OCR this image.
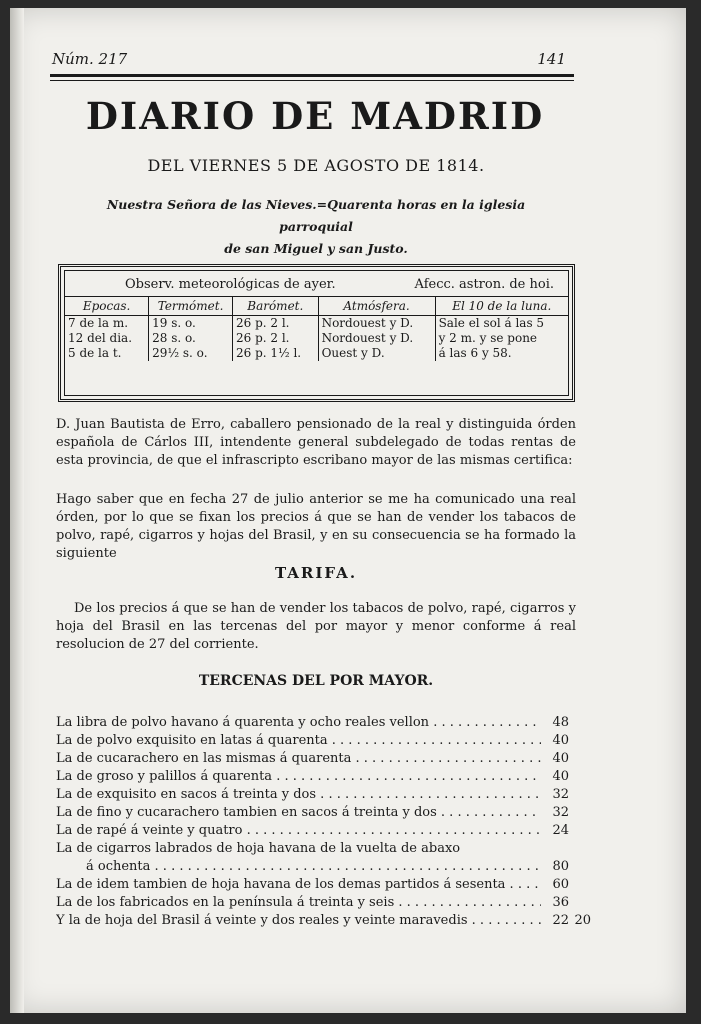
Núm. 217	141
DIARIO DE MADRID
DEL VIERNES 5 DE AGOSTO DE 1814.
Nuestra Señora de las Nieves.=Quarenta horas en la iglesia parroquial
de san Miguel y san Justo.
Observ. meteorológicas de ayer.	Afecc. astron. de hoi.
Epocas.	Termómet.	Barómet.	Atmósfera.	El 10 de la luna.
7 de la m.	19 s. o.	26 p. 2 l.	Nordouest y D.	Sale el sol á las 5
12 del dia.	28 s. o.	26 p. 2 l.	Nordouest y D.	y 2 m. y se pone
5 de la t.	29½ s. o.	26 p. 1½ l.	Ouest y D.	á las 6 y 58.
D. Juan Bautista de Erro, caballero pensionado de la real y distinguida órden española de Cárlos III, intendente general subdelegado de todas rentas de esta provincia, de que el infrascripto escribano mayor de las mismas certifica:
Hago saber que en fecha 27 de julio anterior se me ha comunicado una real órden, por lo que se fixan los precios á que se han de vender los tabacos de polvo, rapé, cigarros y hojas del Brasil, y en su consecuencia se ha formado la siguiente
TARIFA.
De los precios á que se han de vender los tabacos de polvo, rapé, cigarros y hoja del Brasil en las tercenas del por mayor y menor conforme á real resolucion de 27 del corriente.
TERCENAS DEL POR MAYOR.
La libra de polvo havano á quarenta y ocho reales vellon . . .	48
La de polvo exquisito en latas á quarenta . . .	40
La de cucarachero en las mismas á quarenta . . .	40
La de groso y palillos á quarenta . . .	40
La de exquisito en sacos á treinta y dos . . .	32
La de fino y cucarachero tambien en sacos á treinta y dos . . .	32
La de rapé á veinte y quatro . . .	24
La de cigarros labrados de hoja havana de la vuelta de abaxo
á ochenta . . .	80
La de idem tambien de hoja havana de los demas partidos á sesenta . . .	60
La de los fabricados en la península á treinta y seis . . .	36
Y la de hoja del Brasil á veinte y dos reales y veinte maravedis . . .	22 20
